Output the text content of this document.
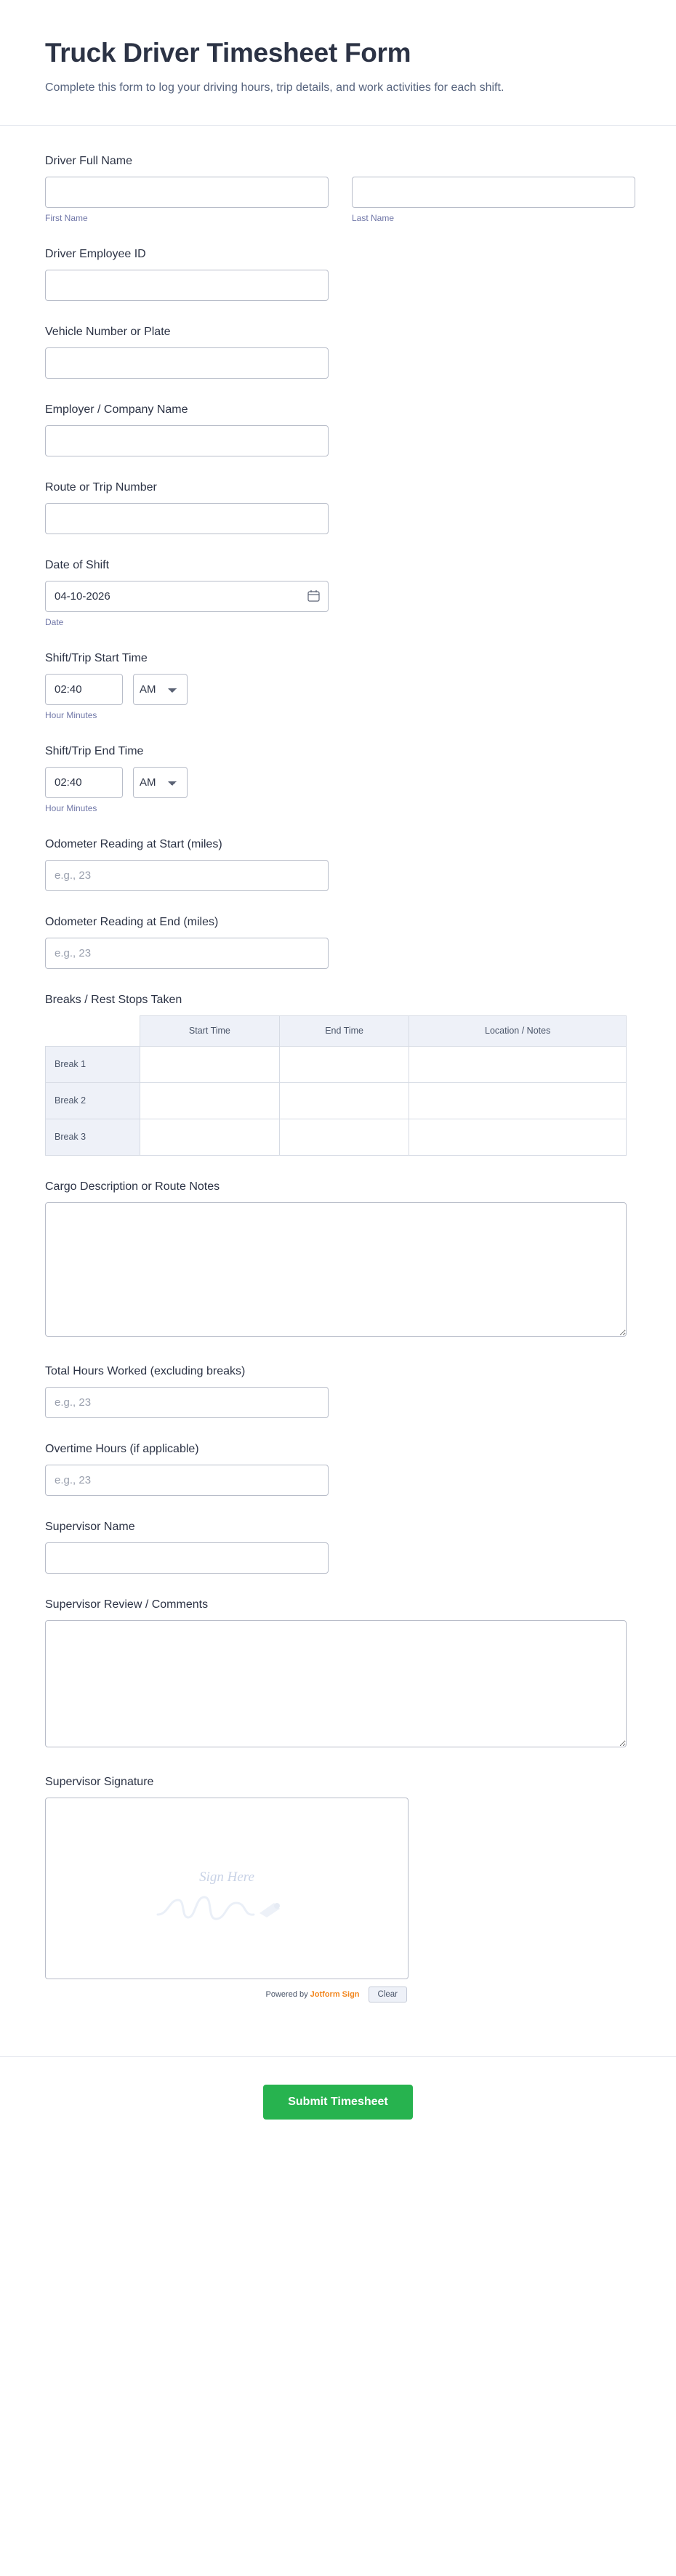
Truck Driver Timesheet Form

Complete this form to log your driving hours, trip details, and work activities for each shift.

Driver Full Name
First Name	Last Name
Driver Employee ID
Vehicle Number or Plate
Employer / Company Name
Route or Trip Number
Date of Shift
04-10-2026
Date
Shift/Trip Start Time
02:40
AM
Hour Minutes
Shift/Trip End Time
02:40
AM
Hour Minutes
Odometer Reading at Start (miles)
e.g., 23
Odometer Reading at End (miles)
e.g., 23
Breaks / Rest Stops Taken
	Start Time	End Time	Location / Notes
Break 1			
Break 2			
Break 3			
Cargo Description or Route Notes
Total Hours Worked (excluding breaks)
e.g., 23
Overtime Hours (if applicable)
e.g., 23
Supervisor Name
Supervisor Review / Comments
Supervisor Signature
Sign Here
Powered by Jotform Sign	Clear
Submit Timesheet
